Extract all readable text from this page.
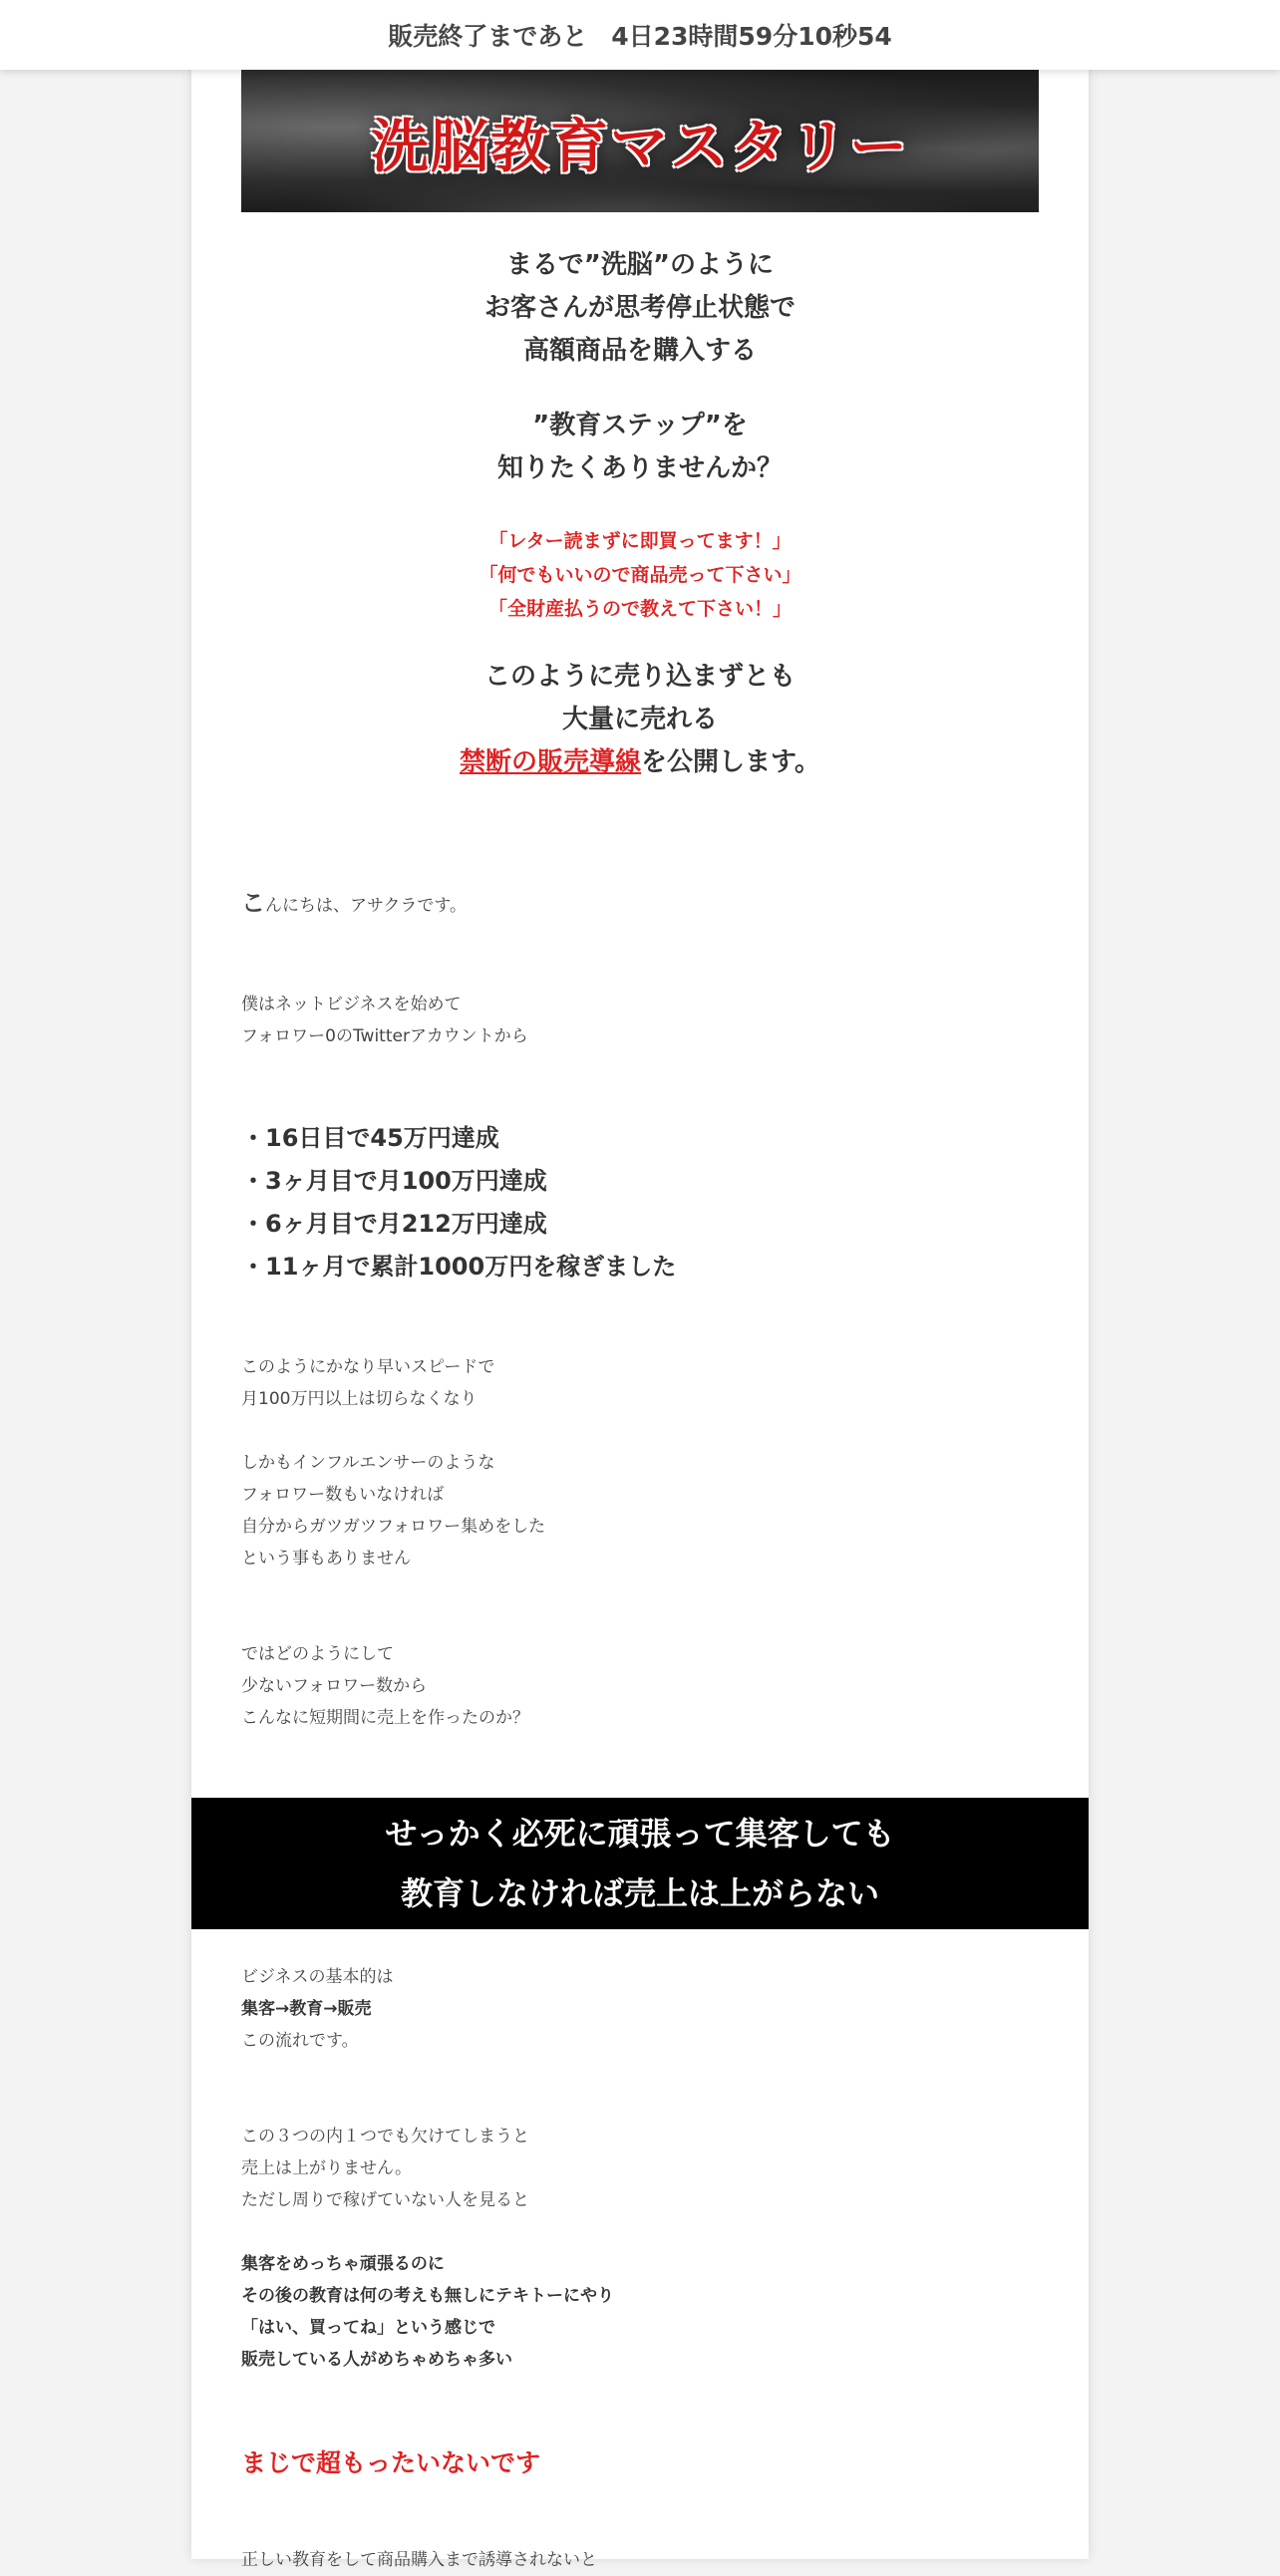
販売終了まであと 4日23時間59分10秒54
洗脳教育マスタリー
まるで”洗脳”のように
お客さんが思考停止状態で
高額商品を購入する
”教育ステップ”を
知りたくありませんか？
「レター読まずに即買ってます！」
「何でもいいので商品売って下さい」
「全財産払うので教えて下さい！」
このように売り込まずとも
大量に売れる
禁断の販売導線を公開します。
こんにちは、アサクラです。
僕はネットビジネスを始めて
フォロワー0のTwitterアカウントから
・16日目で45万円達成
・3ヶ月目で月100万円達成
・6ヶ月目で月212万円達成
・11ヶ月で累計1000万円を稼ぎました
このようにかなり早いスピードで
月100万円以上は切らなくなり
しかもインフルエンサーのような
フォロワー数もいなければ
自分からガツガツフォロワー集めをした
という事もありません
ではどのようにして
少ないフォロワー数から
こんなに短期間に売上を作ったのか？
せっかく必死に頑張って集客しても
教育しなければ売上は上がらない
ビジネスの基本的は
集客→教育→販売
この流れです。
この３つの内１つでも欠けてしまうと
売上は上がりません。
ただし周りで稼げていない人を見ると
集客をめっちゃ頑張るのに
その後の教育は何の考えも無しにテキトーにやり
「はい、買ってね」という感じで
販売している人がめちゃめちゃ多い
まじで超もったいないです
正しい教育をして商品購入まで誘導されないと
